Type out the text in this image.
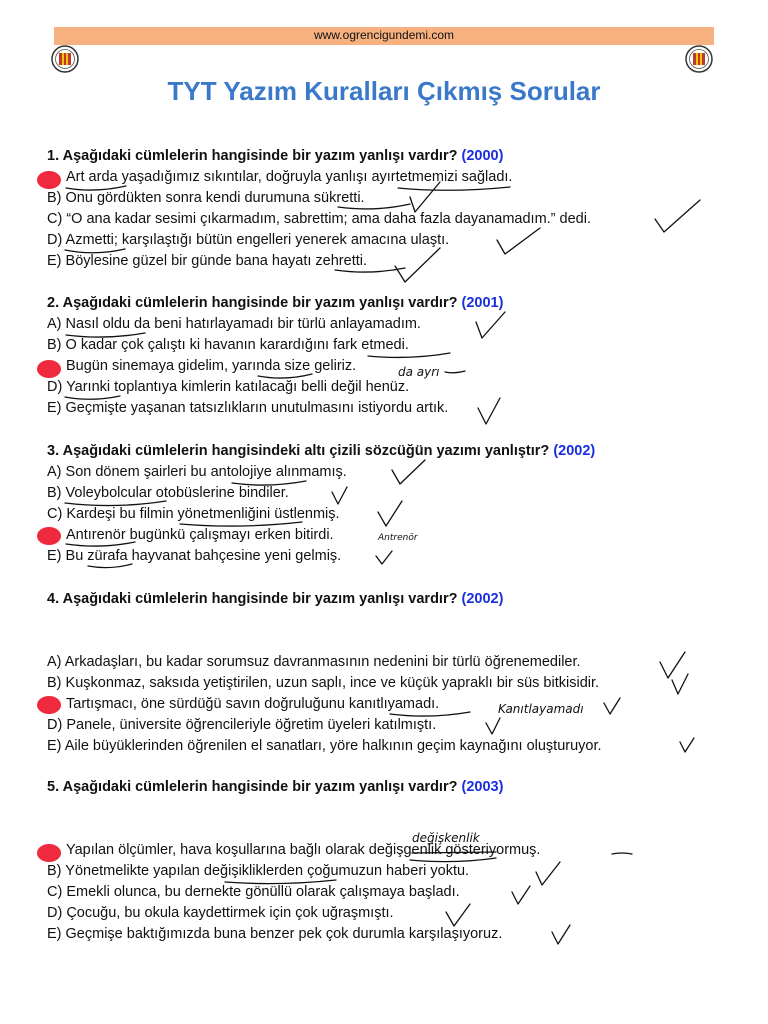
www.ogrencigundemi.com
TYT Yazım Kuralları Çıkmış Sorular
1. Aşağıdaki cümlelerin hangisinde bir yazım yanlışı vardır? (2000)
Art arda yaşadığımız sıkıntılar, doğruyla yanlışı ayırtetmemizi sağladı.
B) Onu gördükten sonra kendi durumuna sükretti.
C) “O ana kadar sesimi çıkarmadım, sabrettim; ama daha fazla dayanamadım.” dedi.
D) Azmetti; karşılaştığı bütün engelleri yenerek amacına ulaştı.
E) Böylesine güzel bir günde bana hayatı zehretti.
2. Aşağıdaki cümlelerin hangisinde bir yazım yanlışı vardır? (2001)
A) Nasıl oldu da beni hatırlayamadı bir türlü anlayamadım.
B) O kadar çok çalıştı ki havanın karardığını fark etmedi.
Bugün sinemaya gidelim, yarında size geliriz.
D) Yarınki toplantıya kimlerin katılacağı belli değil henüz.
E) Geçmişte yaşanan tatsızlıkların unutulmasını istiyordu artık.
3. Aşağıdaki cümlelerin hangisindeki altı çizili sözcüğün yazımı yanlıştır? (2002)
A) Son dönem şairleri bu antolojiye alınmamış.
B) Voleybolcular otobüslerine bindiler.
C) Kardeşi bu filmin yönetmenliğini üstlenmiş.
Antırenör bugünkü çalışmayı erken bitirdi.
E) Bu zürafa hayvanat bahçesine yeni gelmiş.
4. Aşağıdaki cümlelerin hangisinde bir yazım yanlışı vardır? (2002)
A) Arkadaşları, bu kadar sorumsuz davranmasının nedenini bir türlü öğrenemediler.
B) Kuşkonmaz, saksıda yetiştirilen, uzun saplı, ince ve küçük yapraklı bir süs bitkisidir.
Tartışmacı, öne sürdüğü savın doğruluğunu kanıtlıyamadı.
D) Panele, üniversite öğrencileriyle öğretim üyeleri katılmıştı.
E) Aile büyüklerinden öğrenilen el sanatları, yöre halkının geçim kaynağını oluşturuyor.
5. Aşağıdaki cümlelerin hangisinde bir yazım yanlışı vardır? (2003)
Yapılan ölçümler, hava koşullarına bağlı olarak değişgenlik gösteriyormuş.
B) Yönetmelikte yapılan değişikliklerden çoğumuzun haberi yoktu.
C) Emekli olunca, bu dernekte gönüllü olarak çalışmaya başladı.
D) Çocuğu, bu okula kaydettirmek için çok uğraşmıştı.
E) Geçmişe baktığımızda buna benzer pek çok durumla karşılaşıyoruz.
da ayrı
Antrenör
Kanıtlayamadı
değişkenlik
